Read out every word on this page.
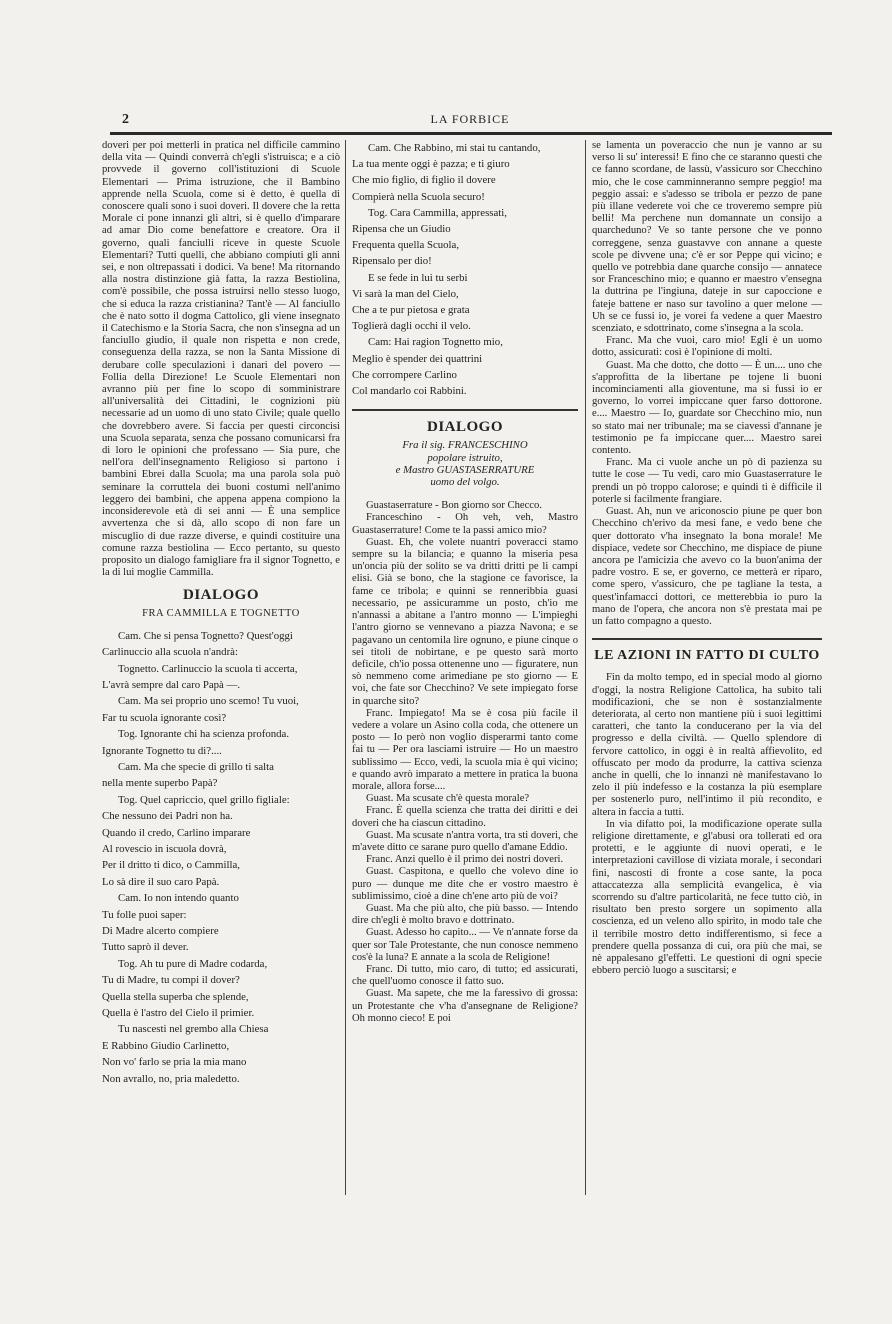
2	LA FORBICE

doveri per poi metterli in pratica nel difficile cammino della vita — Quindi converrà ch'egli s'istruisca; e a ciò provvede il governo coll'istituzioni di Scuole Elementari — Prima istruzione, che il Bambino apprende nella Scuola, come si è detto, è quella di conoscere quali sono i suoi doveri. Il dovere che la retta Morale ci pone innanzi gli altri, si è quello d'imparare ad amar Dio come benefattore e creatore. Ora il governo, quali fanciulli riceve in queste Scuole Elementari? Tutti quelli, che abbiano compiuti gli anni sei, e non oltrepassati i dodici. Va bene! Ma ritornando alla nostra distinzione già fatta, la razza Bestiolina, com'è possibile, che possa istruirsi nello stesso luogo, che si educa la razza cristianina? Tant'è — Al fanciullo che è nato sotto il dogma Cattolico, gli viene insegnato il Catechismo e la Storia Sacra, che non s'insegna ad un fanciullo giudio, il quale non rispetta e non crede, conseguenza della razza, se non la Santa Missione di derubare colle speculazioni i danari del povero — Follia della Direzione! Le Scuole Elementari non avranno più per fine lo scopo di somministrare all'universalità dei Cittadini, le cognizioni più necessarie ad un uomo di uno stato Civile; quale quello che dovrebbero avere. Si faccia per questi circoncisi una Scuola separata, senza che possano comunicarsi fra di loro le opinioni che professano — Sia pure, che nell'ora dell'insegnamento Religioso si partono i bambini Ebrei dalla Scuola; ma una parola sola può seminare la corruttela dei buoni costumi nell'animo leggero dei bambini, che appena appena compiono la inconsiderevole età di sei anni — È una semplice avvertenza che si dà, allo scopo di non fare un miscuglio di due razze diverse, e quindi costituire una comune razza bestiolina — Ecco pertanto, su questo proposito un dialogo famigliare fra il signor Tognetto, e la di lui moglie Cammilla.

DIALOGO
FRA CAMMILLA E TOGNETTO
Cam. Che si pensa Tognetto? Quest'oggi
Carlinuccio alla scuola n'andrà:
Tognetto. Carlinuccio la scuola ti accerta,
L'avrà sempre dal caro Papà —.
Cam. Ma sei proprio uno scemo! Tu vuoi,
Far tu scuola ignorante così?
Tog. Ignorante chi ha scienza profonda.
Ignorante Tognetto tu di?....
Cam. Ma che specie di grillo ti salta
nella mente superbo Papà?
Tog. Quel capriccio, quel grillo figliale:
Che nessuno dei Padri non ha.
Quando il credo, Carlino imparare
Al rovescio in iscuola dovrà,
Per il dritto ti dico, o Cammilla,
Lo sà dire il suo caro Papà.
Cam. Io non intendo quanto
Tu folle puoi saper:
Di Madre alcerto compiere
Tutto saprò il dever.
Tog. Ah tu pure di Madre codarda,
Tu di Madre, tu compi il dover?
Quella stella superba che splende,
Quella è l'astro del Cielo il primier.
Tu nascesti nel grembo alla Chiesa
E Rabbino Giudio Carlinetto,
Non vo' farlo se pria la mia mano
Non avrallo, no, pria maledetto.
Cam. Che Rabbino, mi stai tu cantando,
La tua mente oggi è pazza; e ti giuro
Che mio figlio, di figlio il dovere
Compierà nella Scuola securo!
Tog. Cara Cammilla, appressati,
Ripensa che un Giudio
Frequenta quella Scuola,
Ripensalo per dio!
E se fede in lui tu serbi
Vi sarà la man del Cielo,
Che a te pur pietosa e grata
Toglierà dagli occhi il velo.
Cam: Hai ragion Tognetto mio,
Meglio è spender dei quattrini
Che corrompere Carlino
Col mandarlo coi Rabbini.
DIALOGO
Fra il sig. FRANCESCHINO
popolare istruito,
e Mastro GUASTASERRATURE
uomo del volgo.

Guastaserrature - Bon giorno sor Checco.

Franceschino - Oh veh, veh, Mastro Guastaserrature! Come te la passi amico mio?

Guast. Eh, che volete nuantri poveracci stamo sempre su la bilancia; e quanno la miseria pesa un'oncia più der solito se va dritti dritti pe li campi elisi. Già se bono, che la stagione ce favorisce, la fame ce tribola; e quinni se renneribbia guasi necessario, pe assicuramme un posto, ch'io me n'annassi a abitane a l'antro monno — L'impieghi l'antro giorno se vennevano a piazza Navona; e se pagavano un centomila lire ognuno, e piune cinque o sei titoli de nobirtane, e pe questo sarà morto deficile, ch'io possa ottenenne uno — figuratere, nun sò nemmeno come arimediane pe sto giorno — E voi, che fate sor Checchino? Ve sete impiegato forse in quarche sito?

Franc. Impiegato! Ma se è cosa più facile il vedere a volare un Asino colla coda, che ottenere un posto — Io però non voglio disperarmi tanto come fai tu — Per ora lasciami istruire — Ho un maestro sublissimo — Ecco, vedi, la scuola mia è qui vicino; e quando avrò imparato a mettere in pratica la buona morale, allora forse....

Guast. Ma scusate ch'è questa morale?

Franc. È quella scienza che tratta dei diritti e dei doveri che ha ciascun cittadino.

Guast. Ma scusate n'antra vorta, tra sti doveri, che m'avete ditto ce sarane puro quello d'amane Eddio.

Franc. Anzi quello è il primo dei nostri doveri.

Guast. Caspitona, e quello che volevo dine io puro — dunque me dite che er vostro maestro è sublimissimo, cioè a dine ch'ene arto più de voi?

Guast. Ma che più alto, che più basso. — Intendo dire ch'egli è molto bravo e dottrinato.

Guast. Adesso ho capito... — Ve n'annate forse da quer sor Tale Protestante, che nun conosce nemmeno cos'è la luna? E annate a la scola de Religione!

Franc. Di tutto, mio caro, di tutto; ed assicurati, che quell'uomo conosce il fatto suo.

Guast. Ma sapete, che me la faressivo di grossa: un Protestante che v'ha d'ansegnane de Religione? Oh monno cieco! E poi

se lamenta un poveraccio che nun je vanno ar su verso li su' interessi! E fino che ce staranno questi che ce fanno scordane, de lassù, v'assicuro sor Checchino mio, che le cose camminneranno sempre peggio! ma peggio assai: e s'adesso se tribola er pezzo de pane più illane vederete voi che ce troveremo sempre più belli! Ma perchene nun domannate un consijo a quarcheduno? Ve so tante persone che ve ponno correggene, senza guastavve con annane a queste scole pe divvene una; c'è er sor Peppe qui vicino; e quello ve potrebbia dane quarche consijo — annatece sor Franceschino mio; e quanno er maestro v'ensegna la duttrina pe l'ingiuna, dateje in sur capoccione e fateje battene er naso sur tavolino a quer melone — Uh se ce fussi io, je vorei fa vedene a quer Maestro scenziato, e sdottrinato, come s'insegna a la scola.

Franc. Ma che vuoi, caro mio! Egli è un uomo dotto, assicurati: così è l'opinione di molti.

Guast. Ma che dotto, che dotto — È un.... uno che s'approfitta de la libertane pe tojene li buoni incominciamenti alla gioventune, ma si fussi io er governo, lo vorrei impiccane quer farso dottorone. e.... Maestro — Io, guardate sor Checchino mio, nun so stato mai ner tribunale; ma se ciavessi d'annane je testimonio pe fa impiccane quer.... Maestro sarei contento.

Franc. Ma ci vuole anche un pò di pazienza su tutte le cose — Tu vedi, caro mio Guastaserrature le prendi un pò troppo calorose; e quindi ti è difficile il poterle si facilmente frangiare.

Guast. Ah, nun ve ariconoscio piune pe quer bon Checchino ch'erivo da mesi fane, e vedo bene che quer dottorato v'ha insegnato la bona morale! Me dispiace, vedete sor Checchino, me dispiace de piune ancora pe l'amicizia che avevo co la buon'anima der padre vostro. E se, er governo, ce metterà er riparo, come spero, v'assicuro, che pe tagliane la testa, a quest'infamacci dottori, ce metterebbia io puro la mano de l'opera, che ancora non s'è prestata mai pe un fatto compagno a questo.

LE AZIONI IN FATTO DI CULTO

Fin da molto tempo, ed in special modo al giorno d'oggi, la nostra Religione Cattolica, ha subito tali modificazioni, che se non è sostanzialmente deteriorata, al certo non mantiene più i suoi legittimi caratteri, che tanto la conducerano per la via del progresso e della civiltà. — Quello splendore di fervore cattolico, in oggi è in realtà affievolito, ed offuscato per modo da produrre, la cattiva scienza anche in quelli, che lo innanzi nè manifestavano lo zelo il più indefesso e la costanza la più esemplare per sostenerlo puro, nell'intimo il più recondito, e altera in faccia a tutti.

In via difatto poi, la modificazione operate sulla religione direttamente, e gl'abusi ora tollerati ed ora protetti, e le aggiunte di nuovi operati, e le interpretazioni cavillose di viziata morale, i secondari fini, nascosti di fronte a cose sante, la poca attaccatezza alla semplicità evangelica, è via scorrendo su d'altre particolarità, ne fece tutto ciò, in risultato ben presto sorgere un sopimento alla coscienza, ed un veleno allo spirito, in modo tale che il terribile mostro detto indifferentismo, si fece a prendere quella possanza di cui, ora più che mai, se nè appalesano gl'effetti. Le questioni di ogni specie ebbero perciò luogo a suscitarsi; e
